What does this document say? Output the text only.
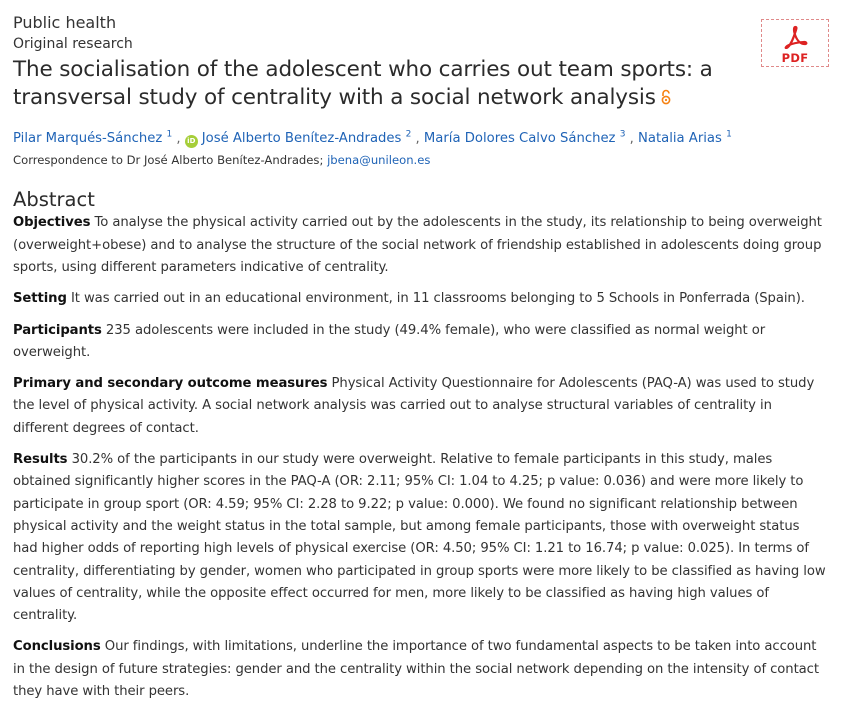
Public health
Original research
The socialisation of the adolescent who carries out team sports: a transversal study of centrality with a social network analysis
Pilar Marqués-Sánchez $^1$ , iD José Alberto Benítez-Andrades $^2$ , María Dolores Calvo Sánchez $^3$ , Natalia Arias $^1$
Correspondence to Dr José Alberto Benítez-Andrades; jbena@unileon.es
Abstract

Objectives To analyse the physical activity carried out by the adolescents in the study, its relationship to being overweight (overweight+obese) and to analyse the structure of the social network of friendship established in adolescents doing group sports, using different parameters indicative of centrality.

Setting It was carried out in an educational environment, in 11 classrooms belonging to 5 Schools in Ponferrada (Spain).

Participants 235 adolescents were included in the study (49.4% female), who were classified as normal weight or overweight.

Primary and secondary outcome measures Physical Activity Questionnaire for Adolescents (PAQ-A) was used to study the level of physical activity. A social network analysis was carried out to analyse structural variables of centrality in different degrees of contact.

Results 30.2% of the participants in our study were overweight. Relative to female participants in this study, males obtained significantly higher scores in the PAQ-A (OR: 2.11; 95% CI: 1.04 to 4.25; p value: 0.036) and were more likely to participate in group sport (OR: 4.59; 95% CI: 2.28 to 9.22; p value: 0.000). We found no significant relationship between physical activity and the weight status in the total sample, but among female participants, those with overweight status had higher odds of reporting high levels of physical exercise (OR: 4.50; 95% CI: 1.21 to 16.74; p value: 0.025). In terms of centrality, differentiating by gender, women who participated in group sports were more likely to be classified as having low values of centrality, while the opposite effect occurred for men, more likely to be classified as having high values of centrality.

Conclusions Our findings, with limitations, underline the importance of two fundamental aspects to be taken into account in the design of future strategies: gender and the centrality within the social network depending on the intensity of contact they have with their peers.

PDF
